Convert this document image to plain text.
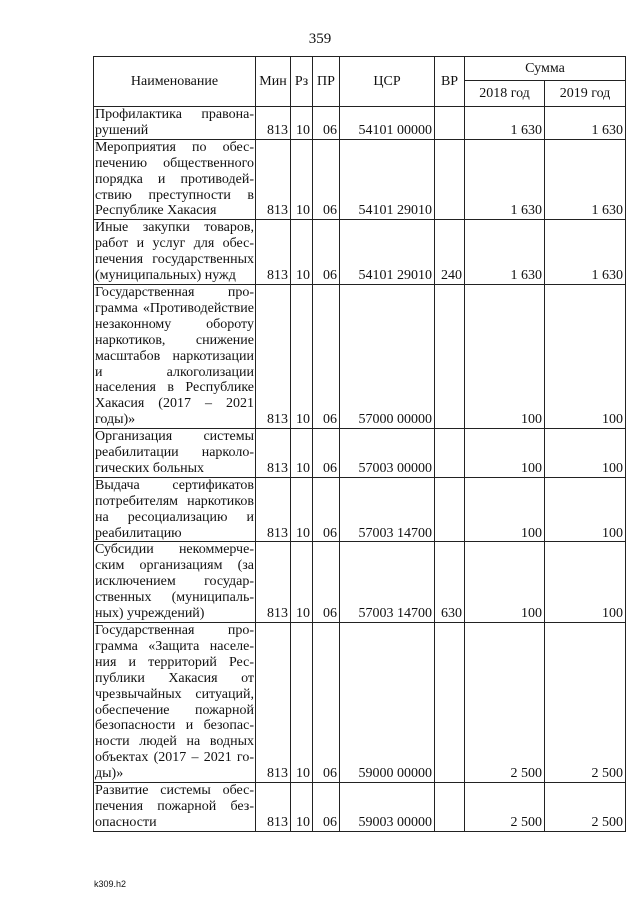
359
Наименование	Мин	Рз	ПР	ЦСР	ВР	Сумма	
						2018 год	2019 год
Профилактика правонарушений	813	10	06	54101 00000		1 630	1 630
Мероприятия по обеспечению общественного порядка и противодействию преступности в Республике Хакасия	813	10	06	54101 29010		1 630	1 630
Иные закупки товаров, работ и услуг для обеспечения государственных (муниципальных) нужд	813	10	06	54101 29010	240	1 630	1 630
Государственная программа «Противодействие незаконному обороту наркотиков, снижение масштабов наркотизации и алкоголизации населения в Республике Хакасия (2017 – 2021 годы)»	813	10	06	57000 00000		100	100
Организация системы реабилитации наркологических больных	813	10	06	57003 00000		100	100
Выдача сертификатов потребителям наркотиков на ресоциализацию и реабилитацию	813	10	06	57003 14700		100	100
Субсидии некоммерческим организациям (за исключением государственных (муниципальных) учреждений)	813	10	06	57003 14700	630	100	100
Государственная программа «Защита населения и территорий Республики Хакасия от чрезвычайных ситуаций, обеспечение пожарной безопасности и безопасности людей на водных объектах (2017 – 2021 годы)»	813	10	06	59000 00000		2 500	2 500
Развитие системы обеспечения пожарной безопасности	813	10	06	59003 00000		2 500	2 500
k309.h2
